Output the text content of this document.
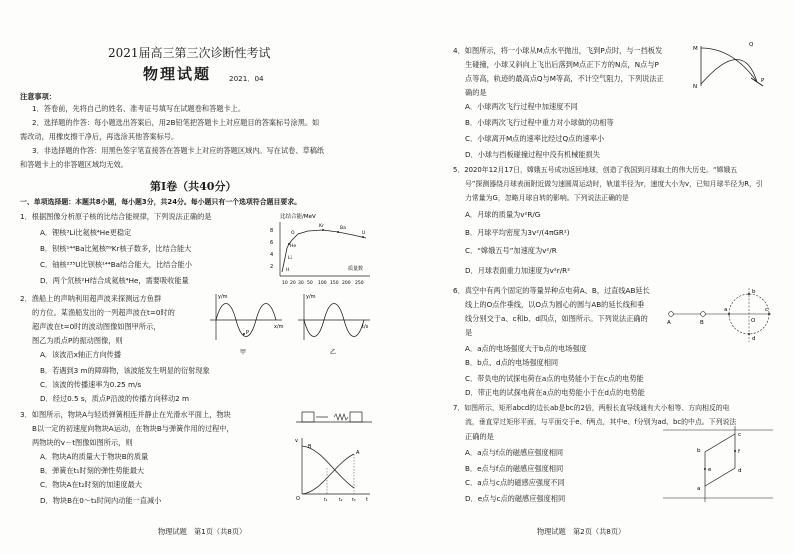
2021届高三第三次诊断性考试
物理试题 2021．04
注意事项：
1．答卷前，先将自己的姓名、准考证号填写在试题卷和答题卡上。
2．选择题的作答：每小题选出答案后，用2B铅笔把答题卡上对应题目的答案标号涂黑。如
需改动，用橡皮擦干净后，再选涂其他答案标号。
3．非选择题的作答：用黑色签字笔直接答在答题卡上对应的答题区域内。写在试卷、草稿纸
和答题卡上的非答题区域均无效。
第Ⅰ卷（共40分）
一、单项选择题：本题共8小题，每小题3分，共24分。每小题只有一个选项符合题目要求。
1．根据图像分析原子核的比结合能规律，下列说法正确的是
A．锂核³Li比氦核⁴He更稳定
B．钡核¹⁴⁴Ba比氪核⁸⁹Kr核子数多，比结合能大
C．铀核²³⁵U比钡核¹⁴⁴Ba结合能大，比结合能小
D．两个氘核²H结合成氦核⁴He，需要吸收能量
比结合能/MeV
8
6
4
2
O
He
Li
H
Kr	Ba
U
质量数
10 20 30 50 100 150 200 250
2．渔船上的声呐利用超声波来探测远方鱼群
的方位。某渔船发出的一列超声波在t=0时的
超声波在t=0时的波动图像如图甲所示，
图乙为质点P的振动图像，则
A．该波沿x轴正方向传播
B．若遇到3 m的障碍物，该波能发生明显的衍射现象
C．该波的传播速率为0.25 m/s
D．经过0.5 s，质点P沿波的传播方向移动2 m
y/m
x/m
P
甲
y/m
t/s
乙
3．如图所示，物块A与轻质弹簧相连并静止在光滑水平面上，物块
B以一定的初速度向物块A运动，在物块B与弹簧作用的过程中，
两物块的v－t图像如图所示，则
A．物块A的质量大于物块B的质量
B．弹簧在t₁时刻的弹性势能最大
C．物块A在t₂时刻的加速度最大
D．物块B在0～t₃时间内动能一直减小
B
A
O	t₁	t₂ t₃ t
v
物理试题　第1页（共8页）
4．如图所示，将一小球从M点水平抛出，飞到P点时，与一挡板发
生碰撞，小球又斜向上飞出后落到M点正下方的N点，N点与P
点等高，轨迹的最高点Q与M等高，不计空气阻力，下列说法正
确的是
A．小球两次飞行过程中加速度不同
B．小球两次飞行过程中重力对小球做的功相等
C．小球离开M点的速率比经过Q点的速率小
D．小球与挡板碰撞过程中没有机械能损失
Q
M
N
P
5．2020年12月17日，嫦娥五号成功返回地球，创造了我国到月球取土的伟大历史。“嫦娥五
号”探测器绕月球表面附近做匀速圆周运动时，轨道半径为r，速度大小为v，已知月球半径为R，引
力常量为G，忽略月球自转的影响。下列说法正确的是
A．月球的质量为v²R/G
B．月球平均密度为3v²/(4πGR²)
C．“嫦娥五号”加速度为v²/R
D．月球表面重力加速度为v²r/R²
6．真空中有两个固定的等量异种点电荷A、B，过直线AB延长
线上的O点作垂线，以O点为圆心的圆与AB的延长线和垂
线分别交于a、c和b、d四点，如图所示。下列说法正确的
是
A．a点的电场强度大于b点的电场强度
B．b点、d点的电场强度相同
C．带负电的试探电荷在a点的电势能小于在c点的电势能
D．带正电的试探电荷在a点的电势能小于在d点的电势能
A	B
a
b
c
d
O
7．如图所示，矩形abcd的边长ab是bc的2倍，两根长直导线通有大小相等、方向相反的电
流，垂直穿过矩形平面，与平面交于e、f两点，其中e、f分别为ad、bc的中点。下列说法
正确的是
A．a点与f点的磁感应强度相同
B．e点与f点的磁感应强度相同
C．a点与c点的磁感应强度不同
D．e点与c点的磁感应强度相同
a
b
c
d
e
f
物理试题　第2页（共8页）
